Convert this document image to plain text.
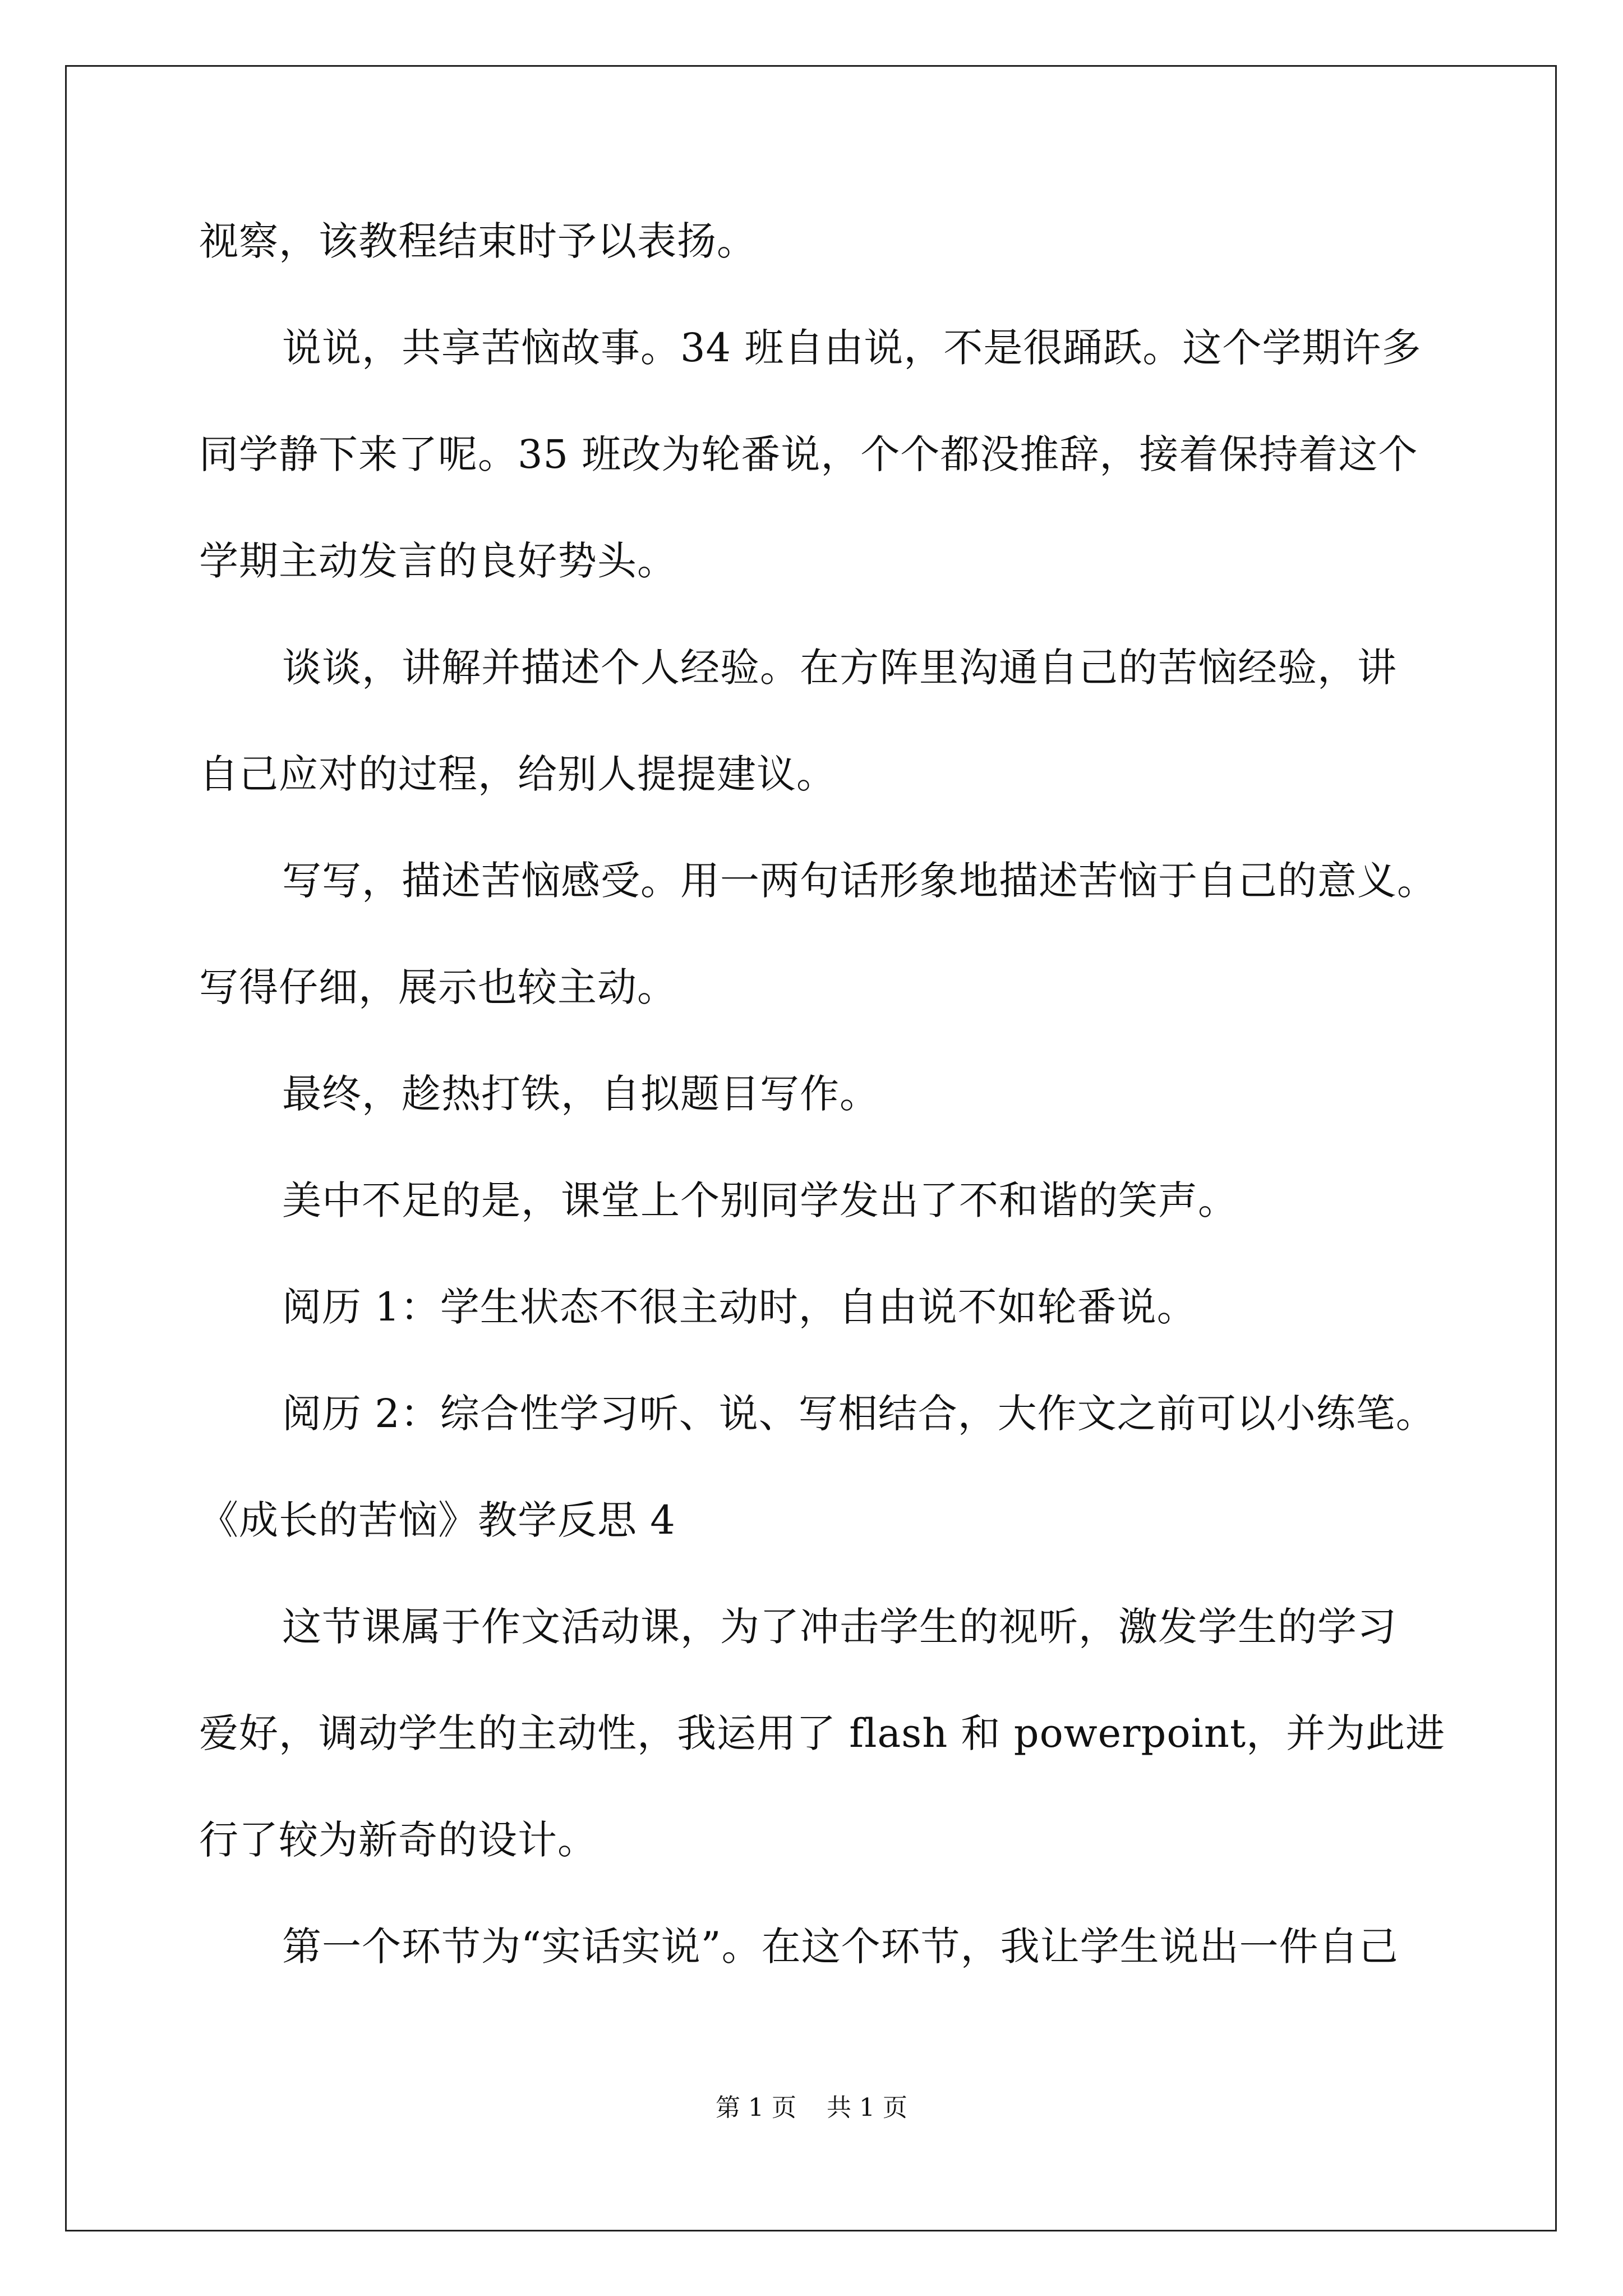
视察，该教程结束时予以表扬。
说说，共享苦恼故事。34 班自由说，不是很踊跃。这个学期许多
同学静下来了呢。35 班改为轮番说，个个都没推辞，接着保持着这个
学期主动发言的良好势头。
谈谈，讲解并描述个人经验。在方阵里沟通自己的苦恼经验，讲
自己应对的过程，给别人提提建议。
写写，描述苦恼感受。用一两句话形象地描述苦恼于自己的意义。
写得仔细，展示也较主动。
最终，趁热打铁，自拟题目写作。
美中不足的是，课堂上个别同学发出了不和谐的笑声。
阅历 1：学生状态不很主动时，自由说不如轮番说。
阅历 2：综合性学习听、说、写相结合，大作文之前可以小练笔。
《成长的苦恼》教学反思 4
这节课属于作文活动课，为了冲击学生的视听，激发学生的学习
爱好，调动学生的主动性，我运用了 flash 和 powerpoint，并为此进
行了较为新奇的设计。
第一个环节为“实话实说”。在这个环节，我让学生说出一件自己
第 1 页 共 1 页
